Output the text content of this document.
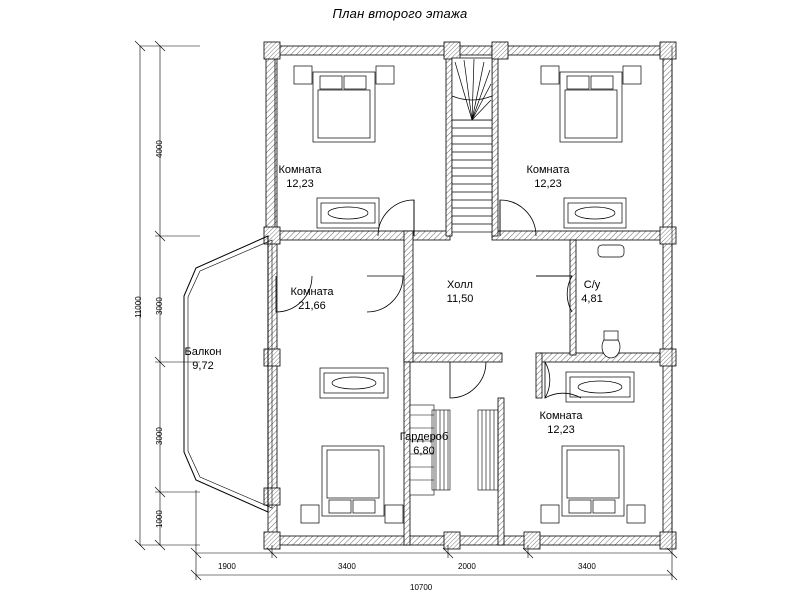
План второго этажа
Комната
12,23
Комната
12,23
Комната
21,66
Холл
11,50
С/у
4,81
Балкон
9,72
Гардероб
6,80
Комната
12,23
1900	3400	2000	3400
10700
4000
3000
3000
1000
11000
